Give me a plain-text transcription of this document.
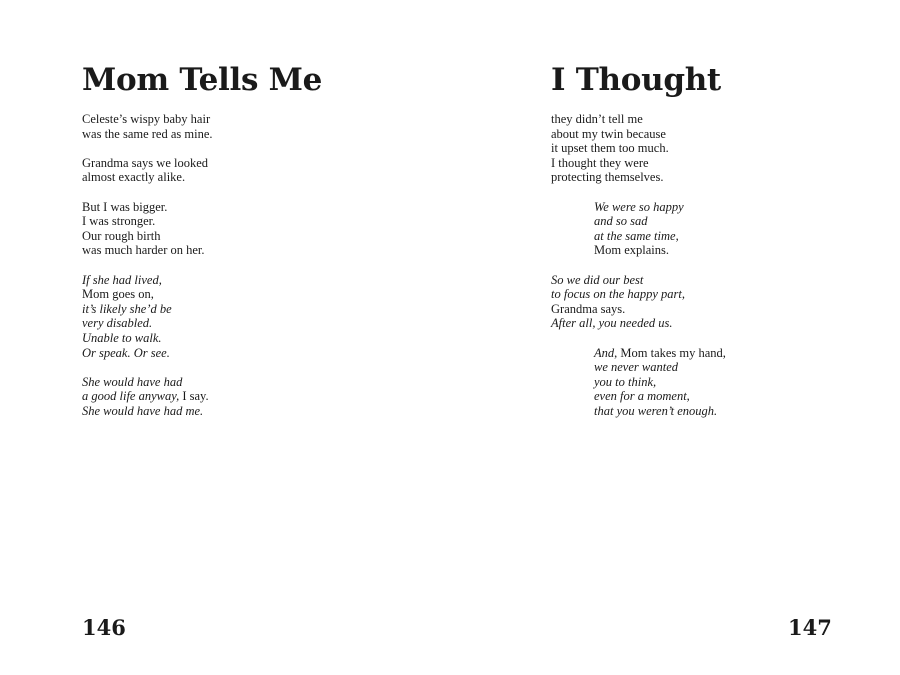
Mom Tells Me
Celeste’s wispy baby hair
was the same red as mine.
Grandma says we looked
almost exactly alike.
But I was bigger.
I was stronger.
Our rough birth
was much harder on her.
If she had lived,
Mom goes on,
it’s likely she’d be
very disabled.
Unable to walk.
Or speak. Or see.
She would have had
a good life anyway, I say.
She would have had me.
146
I Thought
they didn’t tell me
about my twin because
it upset them too much.
I thought they were
protecting themselves.
We were so happy
and so sad
at the same time,
Mom explains.
So we did our best
to focus on the happy part,
Grandma says.
After all, you needed us.
And, Mom takes my hand,
we never wanted
you to think,
even for a moment,
that you weren’t enough.
147
